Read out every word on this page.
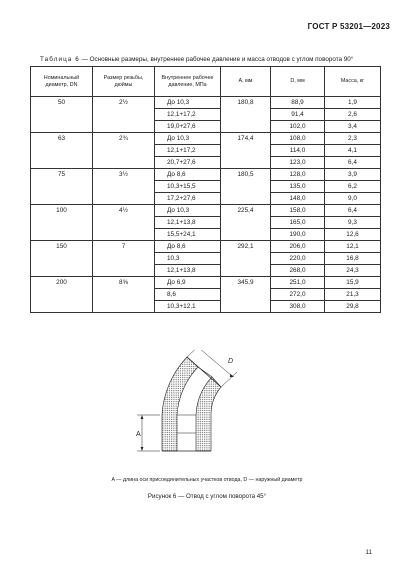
ГОСТ Р 53201—2023
Таблица 6 — Основные размеры, внутреннее рабочее давление и масса отводов с углом поворота 90°
Номинальный диаметр, DN	Размер резьбы, дюймы	Внутреннее рабочее давление, МПа	A, мм	D, мм	Масса, кг
50	2½	До 10,3	180,8	88,9	1,9
		12,1+17,2		91,4	2,6
		19,0+27,6		102,0	3,4
63	2¾	До 10,3	174,4	108,0	2,3
		12,1+17,2		114,0	4,1
		20,7+27,6		123,0	6,4
75	3½	До 8,6	180,5	128,0	3,9
		10,3+15,5		135,0	6,2
		17,2+27,6		148,0	9,0
100	4½	До 10,3	225,4	158,0	6,4
		12,1+13,8		165,0	9,3
		15,5+24,1		190,0	12,6
150	7	До 8,6	292,1	206,0	12,1
		10,3		220,0	16,8
		12,1+13,8		268,0	24,3
200	8⅝	До 6,9	345,9	251,0	15,9
		8,6		272,0	21,3
		10,3+12,1		308,0	29,8
A
D
A — длина оси присоединительных участков отвода, D — наружный диаметр
Рисунок 6 — Отвод с углом поворота 45°
11
